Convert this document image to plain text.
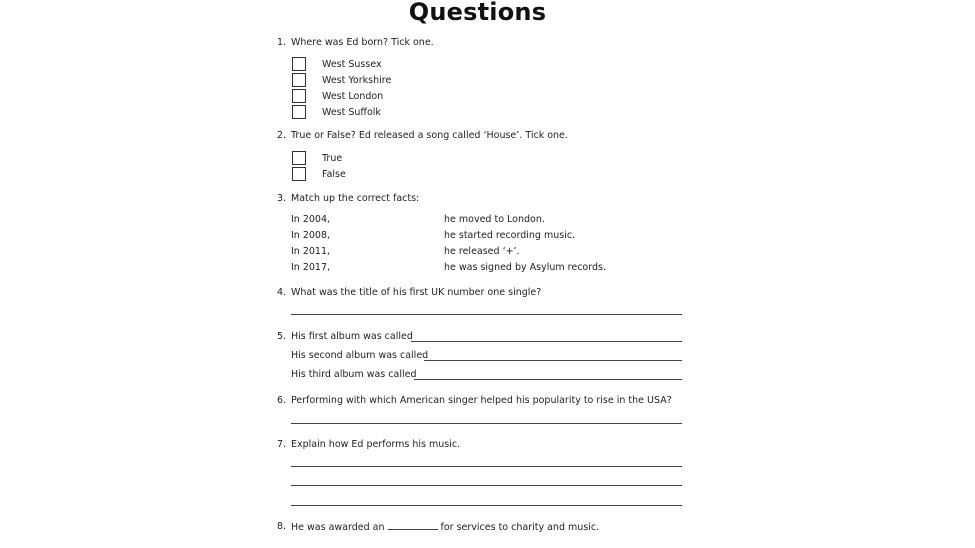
Questions
1. Where was Ed born? Tick one.
West Sussex
West Yorkshire
West London
West Suffolk
2. True or False? Ed released a song called ‘House’. Tick one.
True
False
3. Match up the correct facts:
In 2004,
In 2008,
In 2011,
In 2017,
he moved to London.
he started recording music.
he released ‘+’.
he was signed by Asylum records.
4. What was the title of his first UK number one single?
5. His first album was called
His second album was called
His third album was called
6. Performing with which American singer helped his popularity to rise in the USA?
7. Explain how Ed performs his music.
8. He was awarded an	for services to charity and music.
